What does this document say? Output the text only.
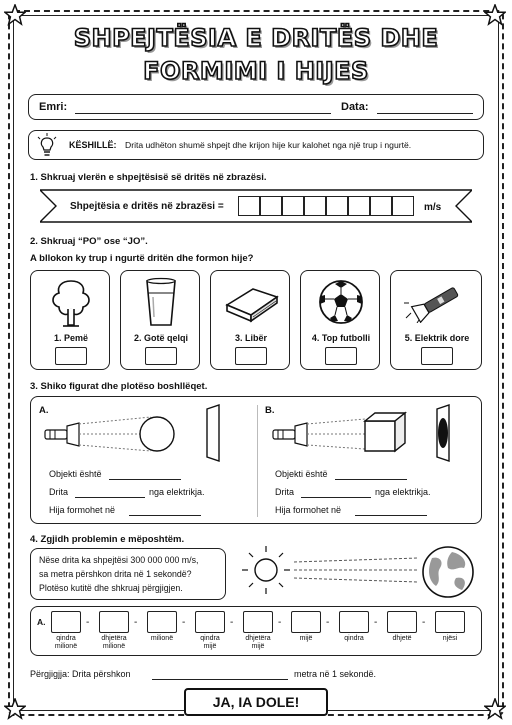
SHPEJTËSIA E DRITËS DHE
FORMIMI I HIJES
Emri:	Data:
KËSHILLË: Drita udhëton shumë shpejt dhe krijon hije kur kalohet nga një trup i ngurtë.
1. Shkruaj vlerën e shpejtësisë së dritës në zbrazësi.
Shpejtësia e dritës në zbrazësi =	m/s
2. Shkruaj “PO” ose “JO”.
A bllokon ky trup i ngurtë dritën dhe formon hije?
1. Pemë	2. Gotë qelqi	3. Libër	4. Top futbolli	5. Elektrik dore
3. Shiko figurat dhe plotëso boshllëqet.
A.
Objekti është
Drita	nga elektrikja.
Hija formohet në
B.
Objekti është
Drita	nga elektrikja.
Hija formohet në
4. Zgjidh problemin e mëposhtëm.
Nëse drita ka shpejtësi 300 000 000 m/s,
sa metra përshkon drita në 1 sekondë?
Plotëso kutitë dhe shkruaj përgjigjen.
A.
qindra
milionë
-
dhjetëra
milionë
-
milionë
-
qindra
mijë
-
dhjetëra
mijë
-
mijë
-
qindra
-
dhjetë
-
njësi
Përgjigjja: Drita përshkon	metra në 1 sekondë.
JA, IA DOLE!
